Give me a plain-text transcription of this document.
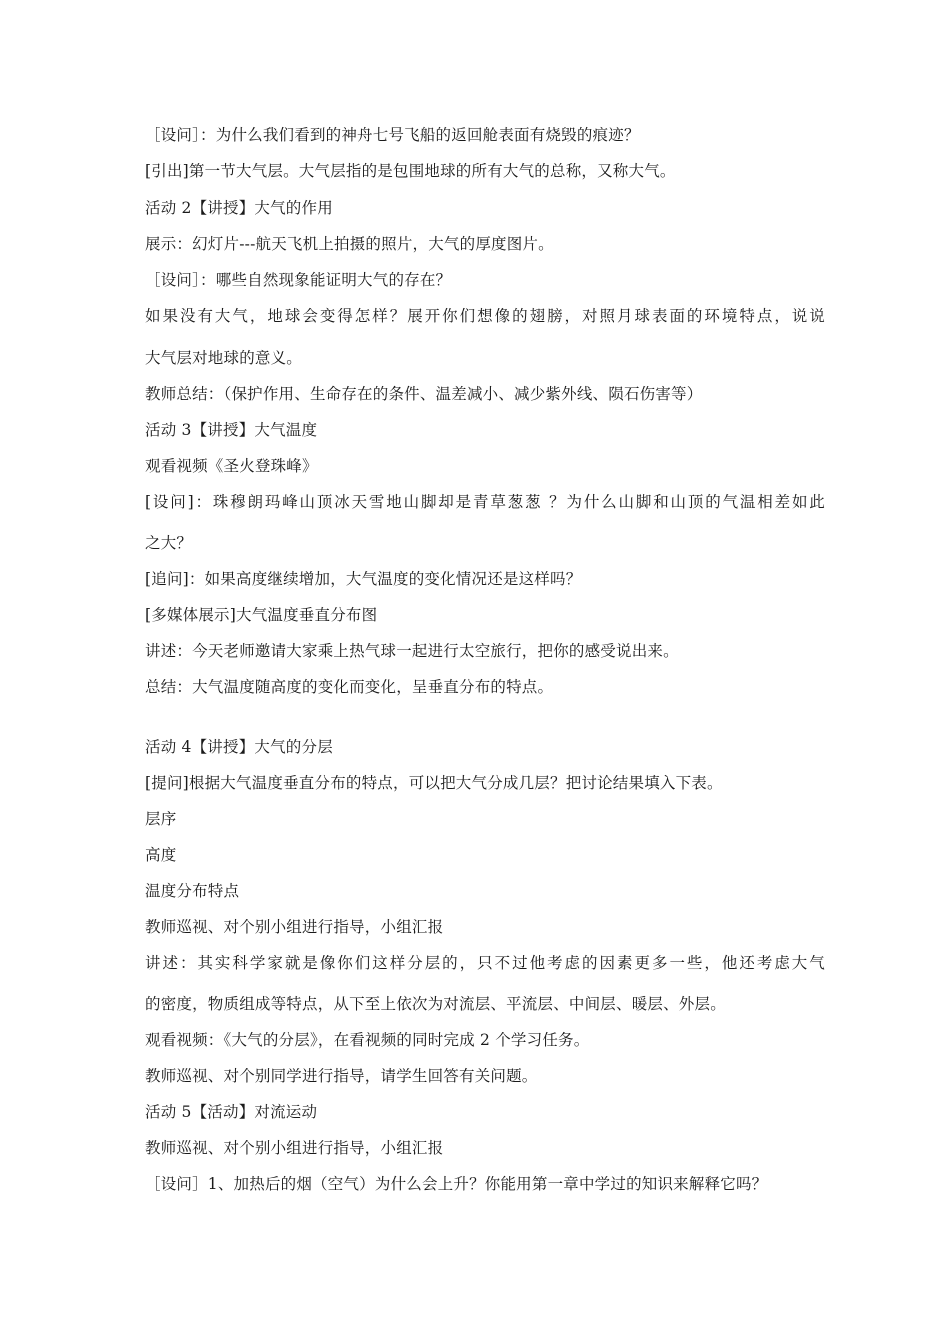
［设问］：为什么我们看到的神舟七号飞船的返回舱表面有烧毁的痕迹？
[引出]第一节大气层。大气层指的是包围地球的所有大气的总称，又称大气。
活动 2【讲授】大气的作用
展示：幻灯片---航天飞机上拍摄的照片，大气的厚度图片。
［设问］：哪些自然现象能证明大气的存在？
如果没有大气，地球会变得怎样？展开你们想像的翅膀，对照月球表面的环境特点，说说
大气层对地球的意义。
教师总结：（保护作用、生命存在的条件、温差减小、减少紫外线、陨石伤害等）
活动 3【讲授】大气温度
观看视频《圣火登珠峰》
[设问]：珠穆朗玛峰山顶冰天雪地山脚却是青草葱葱 ？为什么山脚和山顶的气温相差如此
之大？
[追问]：如果高度继续增加，大气温度的变化情况还是这样吗？
[多媒体展示]大气温度垂直分布图
讲述：今天老师邀请大家乘上热气球一起进行太空旅行，把你的感受说出来。
总结：大气温度随高度的变化而变化，呈垂直分布的特点。
活动 4【讲授】大气的分层
[提问]根据大气温度垂直分布的特点，可以把大气分成几层？把讨论结果填入下表。
层序
高度
温度分布特点
教师巡视、对个别小组进行指导，小组汇报
讲述：其实科学家就是像你们这样分层的，只不过他考虑的因素更多一些，他还考虑大气
的密度，物质组成等特点，从下至上依次为对流层、平流层、中间层、暖层、外层。
观看视频：《大气的分层》，在看视频的同时完成 2 个学习任务。
教师巡视、对个别同学进行指导，请学生回答有关问题。
活动 5【活动】对流运动
教师巡视、对个别小组进行指导，小组汇报
［设问］1、加热后的烟（空气）为什么会上升？你能用第一章中学过的知识来解释它吗？
